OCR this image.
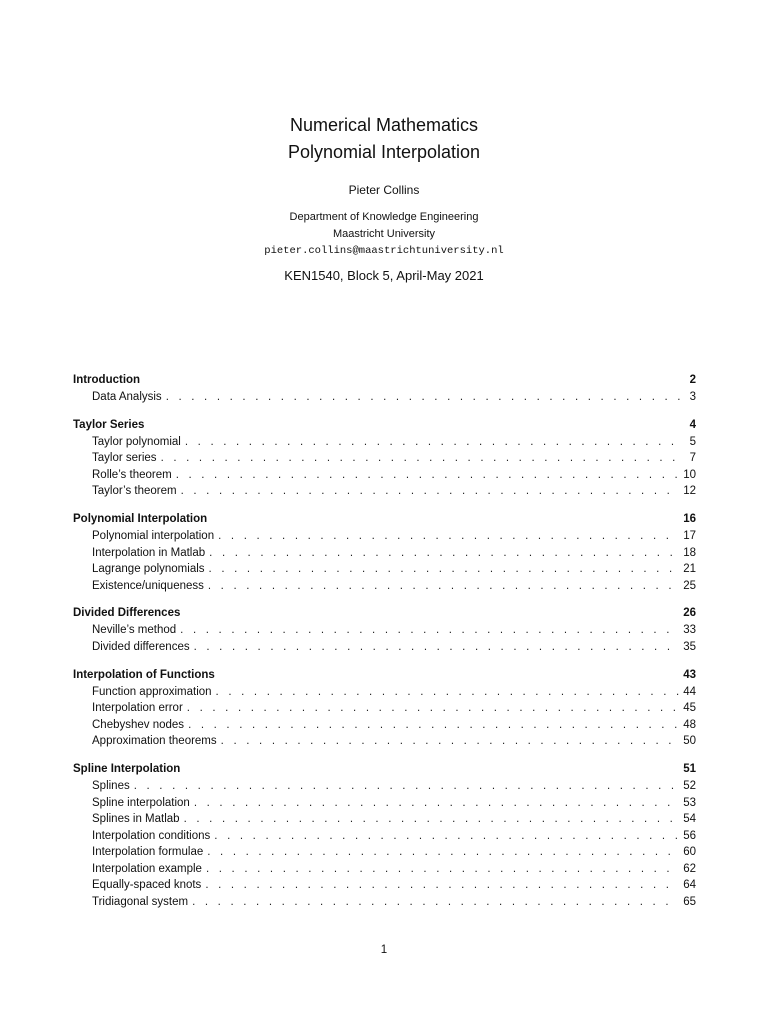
Numerical Mathematics
Polynomial Interpolation
Pieter Collins
Department of Knowledge Engineering
Maastricht University
pieter.collins@maastrichtuniversity.nl
KEN1540, Block 5, April-May 2021
Introduction	2
Data Analysis . . .	3
Taylor Series	4
Taylor polynomial . . .	5
Taylor series . . .	7
Rolle’s theorem . . .	10
Taylor’s theorem . . .	12
Polynomial Interpolation	16
Polynomial interpolation . . .	17
Interpolation in Matlab . . .	18
Lagrange polynomials . . .	21
Existence/uniqueness . . .	25
Divided Differences	26
Neville’s method . . .	33
Divided differences . . .	35
Interpolation of Functions	43
Function approximation . . .	44
Interpolation error . . .	45
Chebyshev nodes . . .	48
Approximation theorems . . .	50
Spline Interpolation	51
Splines . . .	52
Spline interpolation . . .	53
Splines in Matlab . . .	54
Interpolation conditions . . .	56
Interpolation formulae . . .	60
Interpolation example . . .	62
Equally-spaced knots . . .	64
Tridiagonal system . . .	65
1
